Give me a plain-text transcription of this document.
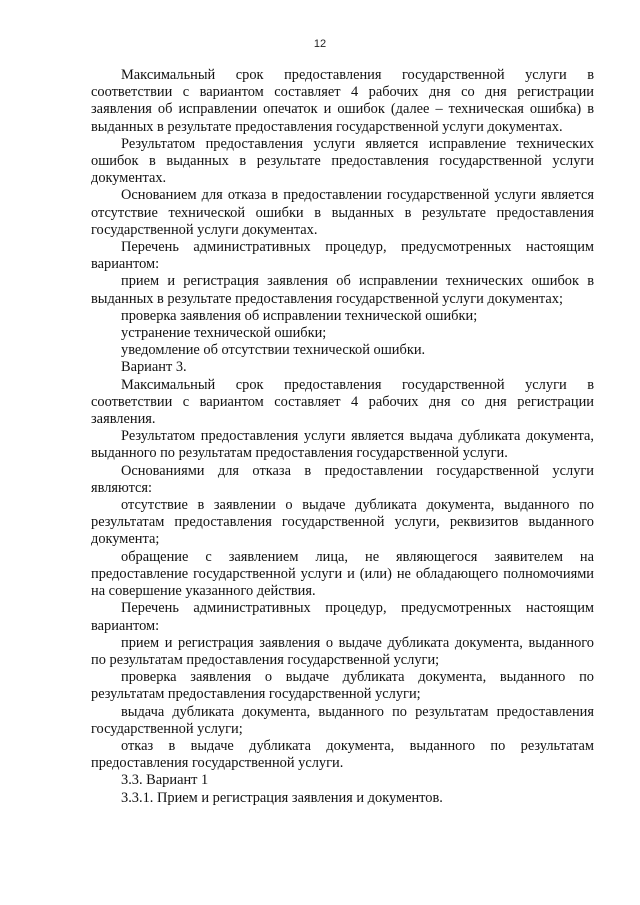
12

Максимальный срок предоставления государственной услуги в соответствии с вариантом составляет 4 рабочих дня со дня регистрации заявления об исправлении опечаток и ошибок (далее – техническая ошибка) в выданных в результате предоставления государственной услуги документах.

Результатом предоставления услуги является исправление технических ошибок в выданных в результате предоставления государственной услуги документах.

Основанием для отказа в предоставлении государственной услуги является отсутствие технической ошибки в выданных в результате предоставления государственной услуги документах.

Перечень административных процедур, предусмотренных настоящим вариантом:

прием и регистрация заявления об исправлении технических ошибок в выданных в результате предоставления государственной услуги документах;

проверка заявления об исправлении технической ошибки;

устранение технической ошибки;

уведомление об отсутствии технической ошибки.

Вариант 3.

Максимальный срок предоставления государственной услуги в соответствии с вариантом составляет 4 рабочих дня со дня регистрации заявления.

Результатом предоставления услуги является выдача дубликата документа, выданного по результатам предоставления государственной услуги.

Основаниями для отказа в предоставлении государственной услуги являются:

отсутствие в заявлении о выдаче дубликата документа, выданного по результатам предоставления государственной услуги, реквизитов выданного документа;

обращение с заявлением лица, не являющегося заявителем на предоставление государственной услуги и (или) не обладающего полномочиями на совершение указанного действия.

Перечень административных процедур, предусмотренных настоящим вариантом:

прием и регистрация заявления о выдаче дубликата документа, выданного по результатам предоставления государственной услуги;

проверка заявления о выдаче дубликата документа, выданного по результатам предоставления государственной услуги;

выдача дубликата документа, выданного по результатам предоставления государственной услуги;

отказ в выдаче дубликата документа, выданного по результатам предоставления государственной услуги.

3.3. Вариант 1

3.3.1. Прием и регистрация заявления и документов.
